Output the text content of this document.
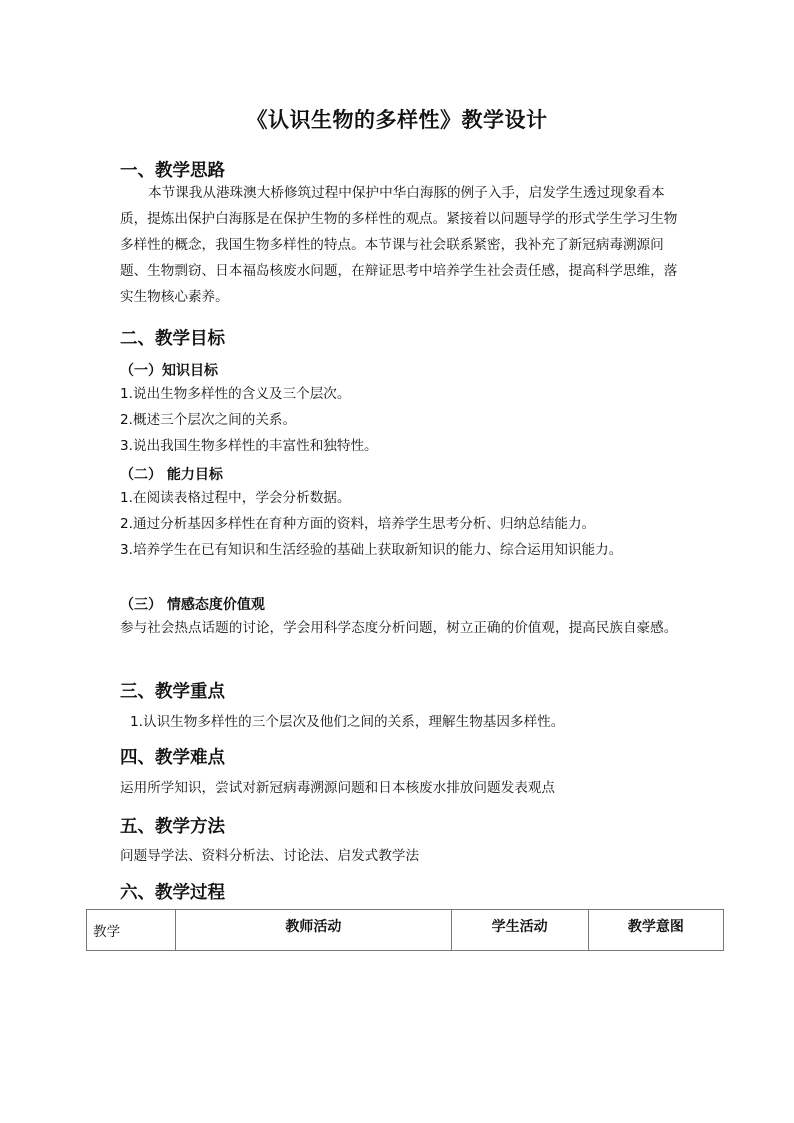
《认识生物的多样性》教学设计

一、教学思路

本节课我从港珠澳大桥修筑过程中保护中华白海豚的例子入手，启发学生透过现象看本质，提炼出保护白海豚是在保护生物的多样性的观点。紧接着以问题导学的形式学生学习生物多样性的概念，我国生物多样性的特点。本节课与社会联系紧密，我补充了新冠病毒溯源问题、生物剽窃、日本福岛核废水问题，在辩证思考中培养学生社会责任感，提高科学思维，落实生物核心素养。

二、教学目标

（一）知识目标

1.说出生物多样性的含义及三个层次。

2.概述三个层次之间的关系。

3.说出我国生物多样性的丰富性和独特性。

（二） 能力目标

1.在阅读表格过程中，学会分析数据。

2.通过分析基因多样性在育种方面的资料，培养学生思考分析、归纳总结能力。

3.培养学生在已有知识和生活经验的基础上获取新知识的能力、综合运用知识能力。

（三） 情感态度价值观

参与社会热点话题的讨论，学会用科学态度分析问题，树立正确的价值观，提高民族自豪感。

三、教学重点

1.认识生物多样性的三个层次及他们之间的关系，理解生物基因多样性。

四、教学难点

运用所学知识，尝试对新冠病毒溯源问题和日本核废水排放问题发表观点

五、教学方法

问题导学法、资料分析法、讨论法、启发式教学法

六、教学过程

教学	教师活动	学生活动	教学意图
